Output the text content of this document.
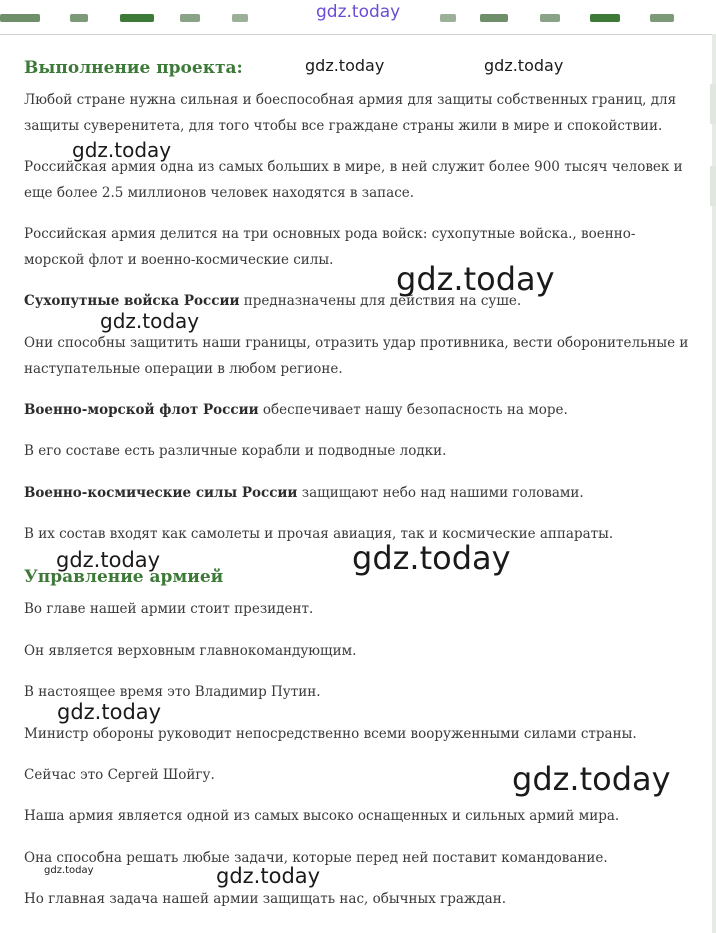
gdz.today
Выполнение проекта:

Любой стране нужна сильная и боеспособная армия для защиты собственных границ, для защиты суверенитета, для того чтобы все граждане страны жили в мире и спокойствии.

Российская армия одна из самых больших в мире, в ней служит более 900 тысяч человек и еще более 2.5 миллионов человек находятся в запасе.

Российская армия делится на три основных рода войск: сухопутные войска., военно-морской флот и военно-космические силы.

Сухопутные войска России предназначены для действия на суше.

Они способны защитить наши границы, отразить удар противника, вести оборонительные и наступательные операции в любом регионе.

Военно-морской флот России обеспечивает нашу безопасность на море.

В его составе есть различные корабли и подводные лодки.

Военно-космические силы России защищают небо над нашими головами.

В их состав входят как самолеты и прочая авиация, так и космические аппараты.

Управление армией

Во главе нашей армии стоит президент.

Он является верховным главнокомандующим.

В настоящее время это Владимир Путин.

Министр обороны руководит непосредственно всеми вооруженными силами страны.

Сейчас это Сергей Шойгу.

Наша армия является одной из самых высоко оснащенных и сильных армий мира.

Она способна решать любые задачи, которые перед ней поставит командование.

Но главная задача нашей армии защищать нас, обычных граждан.

gdz.today	gdz.today
gdz.today
gdz.today
gdz.today
gdz.today	gdz.today
gdz.today
gdz.today
gdz.today	gdz.today
